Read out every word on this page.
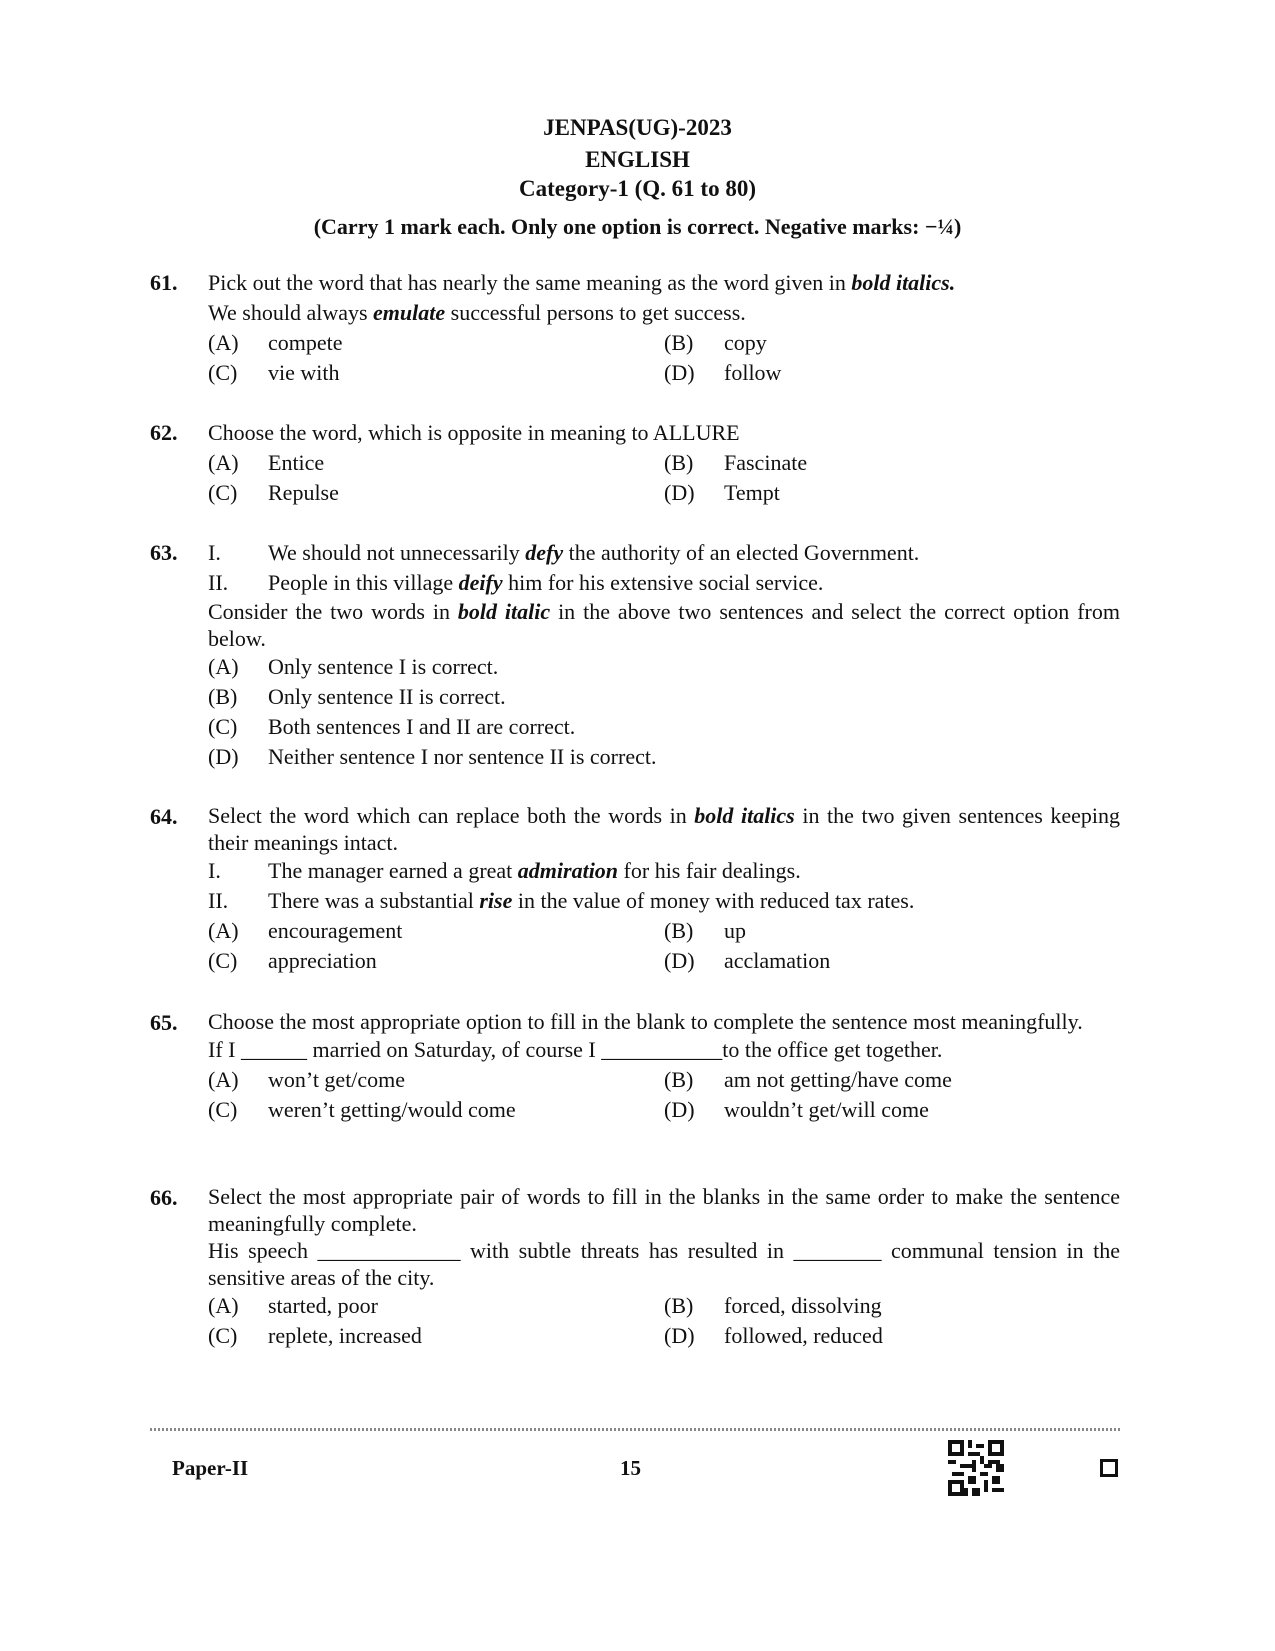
JENPAS(UG)-2023
ENGLISH
Category-1 (Q. 61 to 80)
(Carry 1 mark each. Only one option is correct. Negative marks: −¼)
61. Pick out the word that has nearly the same meaning as the word given in bold italics.

We should always emulate successful persons to get success.

(A)	compete	(B)	copy
(C)	vie with	(D)	follow
62. Choose the word, which is opposite in meaning to ALLURE

(A)	Entice	(B)	Fascinate
(C)	Repulse	(D)	Tempt
63. I.	We should not unnecessarily defy the authority of an elected Government.
II.	People in this village deify him for his extensive social service.

Consider the two words in bold italic in the above two sentences and select the correct option from below.

(A)	Only sentence I is correct.
(B)	Only sentence II is correct.
(C)	Both sentences I and II are correct.
(D)	Neither sentence I nor sentence II is correct.
64. Select the word which can replace both the words in bold italics in the two given sentences keeping their meanings intact.

I.	The manager earned a great admiration for his fair dealings.
II.	There was a substantial rise in the value of money with reduced tax rates.
(A)	encouragement	(B)	up
(C)	appreciation	(D)	acclamation
65. Choose the most appropriate option to fill in the blank to complete the sentence most meaningfully.

If I ______ married on Saturday, of course I ___________to the office get together.

(A)	won’t get/come	(B)	am not getting/have come
(C)	weren’t getting/would come	(D)	wouldn’t get/will come
66. Select the most appropriate pair of words to fill in the blanks in the same order to make the sentence meaningfully complete.

His speech _____________ with subtle threats has resulted in ________ communal tension in the sensitive areas of the city.

(A)	started, poor	(B)	forced, dissolving
(C)	replete, increased	(D)	followed, reduced
Paper-II	15
